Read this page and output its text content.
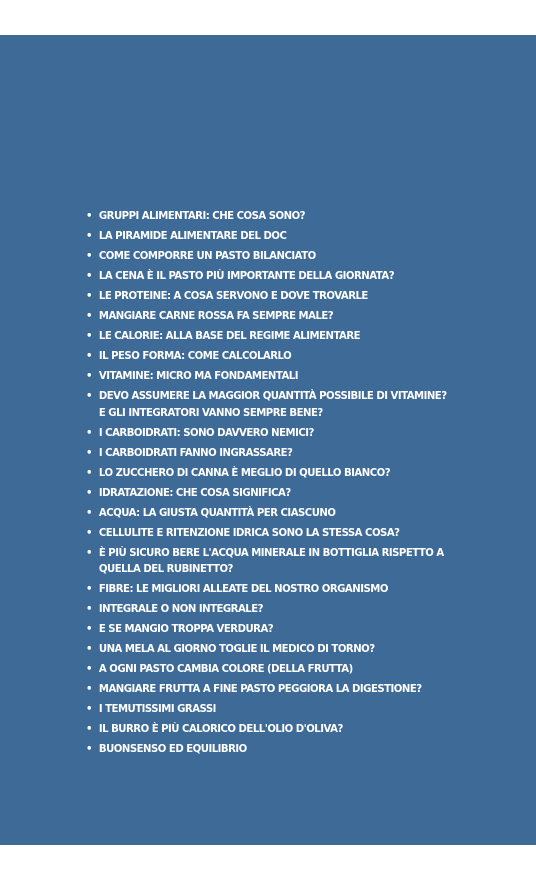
• GRUPPI ALIMENTARI: CHE COSA SONO?
• LA PIRAMIDE ALIMENTARE DEL DOC
• COME COMPORRE UN PASTO BILANCIATO
• LA CENA È IL PASTO PIÙ IMPORTANTE DELLA GIORNATA?
• LE PROTEINE: A COSA SERVONO E DOVE TROVARLE
• MANGIARE CARNE ROSSA FA SEMPRE MALE?
• LE CALORIE: ALLA BASE DEL REGIME ALIMENTARE
• IL PESO FORMA: COME CALCOLARLO
• VITAMINE: MICRO MA FONDAMENTALI
• DEVO ASSUMERE LA MAGGIOR QUANTITÀ POSSIBILE DI VITAMINE?
E GLI INTEGRATORI VANNO SEMPRE BENE?
• I CARBOIDRATI: SONO DAVVERO NEMICI?
• I CARBOIDRATI FANNO INGRASSARE?
• LO ZUCCHERO DI CANNA È MEGLIO DI QUELLO BIANCO?
• IDRATAZIONE: CHE COSA SIGNIFICA?
• ACQUA: LA GIUSTA QUANTITÀ PER CIASCUNO
• CELLULITE E RITENZIONE IDRICA SONO LA STESSA COSA?
• È PIÙ SICURO BERE L'ACQUA MINERALE IN BOTTIGLIA RISPETTO A
QUELLA DEL RUBINETTO?
• FIBRE: LE MIGLIORI ALLEATE DEL NOSTRO ORGANISMO
• INTEGRALE O NON INTEGRALE?
• E SE MANGIO TROPPA VERDURA?
• UNA MELA AL GIORNO TOGLIE IL MEDICO DI TORNO?
• A OGNI PASTO CAMBIA COLORE (DELLA FRUTTA)
• MANGIARE FRUTTA A FINE PASTO PEGGIORA LA DIGESTIONE?
• I TEMUTISSIMI GRASSI
• IL BURRO È PIÙ CALORICO DELL'OLIO D'OLIVA?
• BUONSENSO ED EQUILIBRIO
